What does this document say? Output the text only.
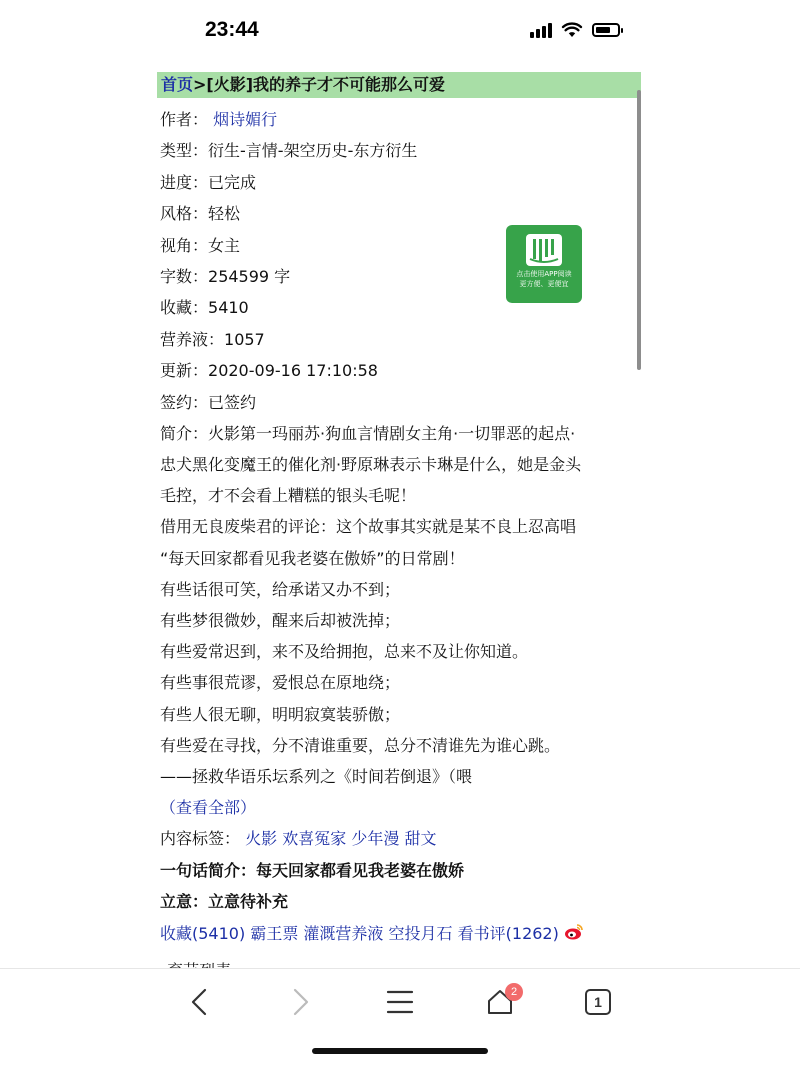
23:44
首页>[火影]我的养子才不可能那么可爱
作者： 烟诗媚行
类型：衍生-言情-架空历史-东方衍生
进度：已完成
风格：轻松
视角：女主
字数：254599 字
收藏：5410
营养液：1057
更新：2020-09-16 17:10:58
签约：已签约
简介：火影第一玛丽苏·狗血言情剧女主角·一切罪恶的起点·
忠犬黑化变魔王的催化剂·野原琳表示卡琳是什么，她是金头
毛控，才不会看上糟糕的银头毛呢！
借用无良废柴君的评论：这个故事其实就是某不良上忍高唱
“每天回家都看见我老婆在傲娇”的日常剧！
有些话很可笑，给承诺又办不到；
有些梦很微妙，醒来后却被洗掉；
有些爱常迟到，来不及给拥抱，总来不及让你知道。
有些事很荒谬，爱恨总在原地绕；
有些人很无聊，明明寂寞装骄傲；
有些爱在寻找，分不清谁重要，总分不清谁先为谁心跳。
——拯救华语乐坛系列之《时间若倒退》（喂
（查看全部）
内容标签： 火影 欢喜冤家 少年漫 甜文
一句话简介：每天回家都看见我老婆在傲娇
立意：立意待补充
收藏(5410) 霸王票 灌溉营养液 空投月石 看书评(1262)
点击使用APP阅读
更方便、更便宜
1
2
